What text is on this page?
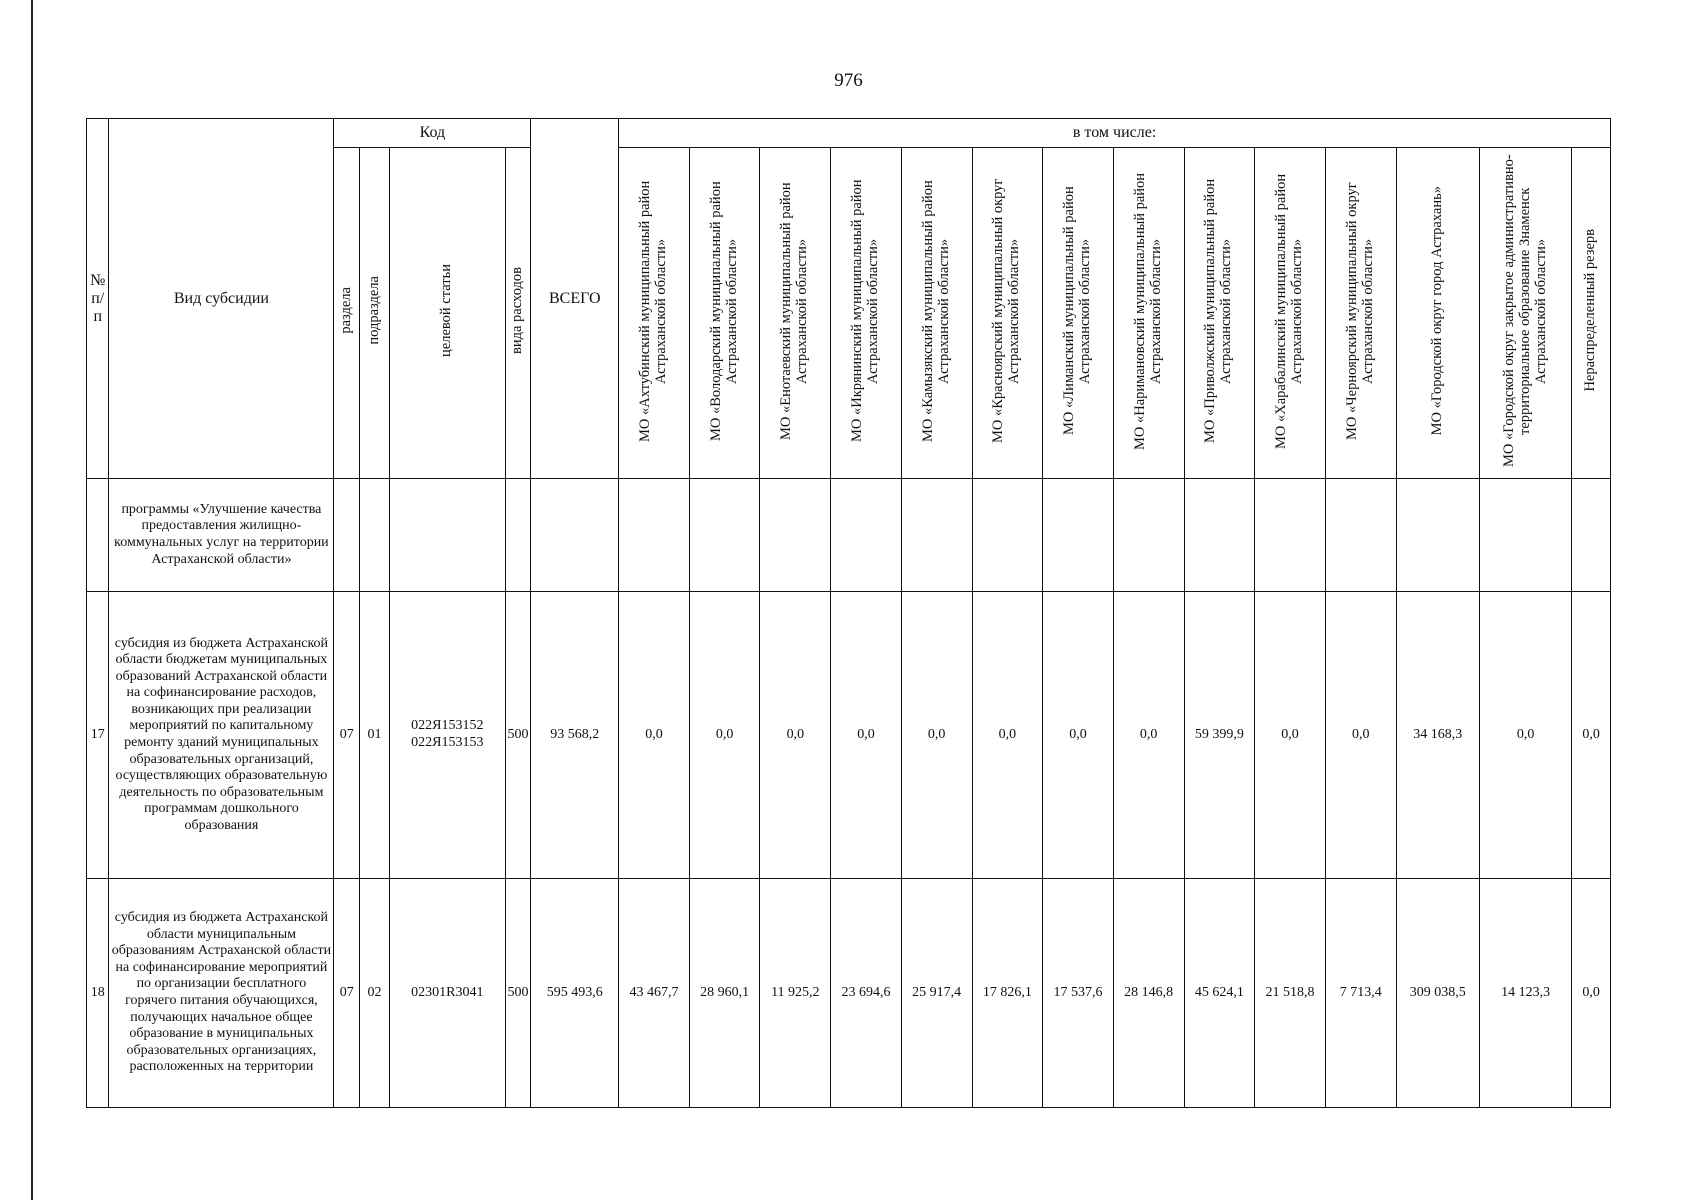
976
№ п/п	Вид субсидии	Код				ВСЕГО	в том числе:													
		раздела	подраздела	целевой статьи	вида расходов		МО «Ахтубинский муниципальный район Астраханской области»	МО «Володарский муниципальный район Астраханской области»	МО «Енотаевский муниципальный район Астраханской области»	МО «Икрянинский муниципальный район Астраханской области»	МО «Камызякский муниципальный район Астраханской области»	МО «Красноярский муниципальный округ Астраханской области»	МО «Лиманский муниципальный район Астраханской области»	МО «Наримановский муниципальный район Астраханской области»	МО «Приволжский муниципальный район Астраханской области»	МО «Харабалинский муниципальный район Астраханской области»	МО «Черноярский муниципальный округ Астраханской области»	МО «Городской округ город Астрахань»	МО «Городской округ закрытое административно-территориальное образование Знаменск Астраханской области»	Нераспределенный резерв
	программы «Улучшение качества предоставления жилищно-коммунальных услуг на территории Астраханской области»																			
17	субсидия из бюджета Астраханской области бюджетам муниципальных образований Астраханской области на софинансирование расходов, возникающих при реализации мероприятий по капитальному ремонту зданий муниципальных образовательных организаций, осуществляющих образовательную деятельность по образовательным программам дошкольного образования	07	01	022Я153152 022Я153153	500	93 568,2	0,0	0,0	0,0	0,0	0,0	0,0	0,0	0,0	59 399,9	0,0	0,0	34 168,3	0,0	0,0
18	субсидия из бюджета Астраханской области муниципальным образованиям Астраханской области на софинансирование мероприятий по организации бесплатного горячего питания обучающихся, получающих начальное общее образование в муниципальных образовательных организациях, расположенных на территории	07	02	02301R3041	500	595 493,6	43 467,7	28 960,1	11 925,2	23 694,6	25 917,4	17 826,1	17 537,6	28 146,8	45 624,1	21 518,8	7 713,4	309 038,5	14 123,3	0,0
